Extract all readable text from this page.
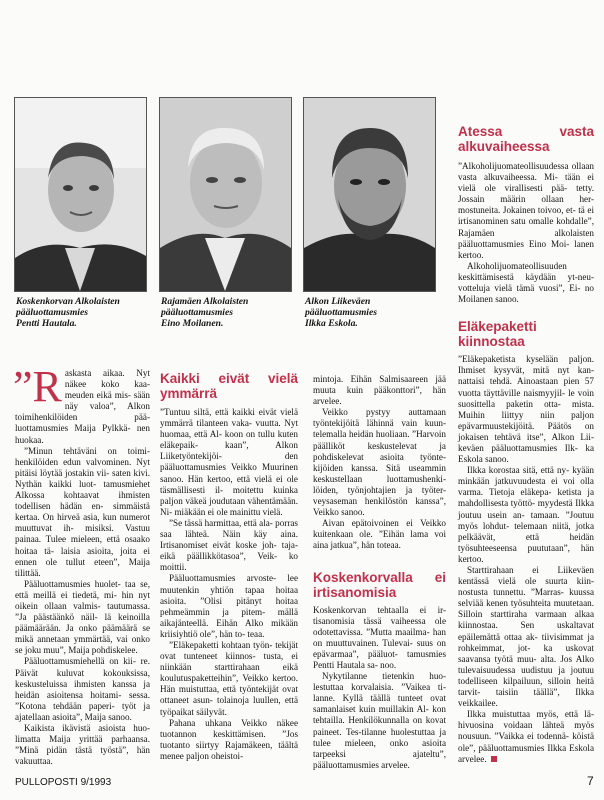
Koskenkorvan Alkolaisten
pääluottamusmies
Pentti Hautala.
Rajamäen Alkolaisten
pääluottamusmies
Eino Moilanen.
Alkon Liikeväen
pääluottamusmies
Ilkka Eskola.

”R askasta aikaa. Nyt näkee koko kaa- meuden eikä mis- sään näy valoa”, Alkon toimihenkilöiden pää- luottamusmies Maija Pylkkä- nen huokaa.

”Minun tehtäväni on toimi- henkilöiden edun valvominen. Nyt pitäisi löytää jostakin vii- saten kivi. Nythän kaikki luot- tamusmiehet Alkossa kohtaavat ihmisten todellisen hädän en- simmäistä kertaa. On hirveä asia, kun numerot muuttuvat ih- misiksi. Vastuu painaa. Tulee mieleen, että osaako hoitaa tä- laisia asioita, joita ei ennen ole tullut eteen”, Maija tilittää.

Pääluottamusmies huolet- taa se, että meillä ei tiedetä, mi- hin nyt oikein ollaan valmis- tautumassa. ”Ja päästäänkö näil- lä keinoilla päämäärään. Ja onko päämäärä se mikä annetaan ymmärtää, vai onko se joku muu”, Maija pohdiskelee.

Pääluottamusmiehellä on kii- re. Päivät kuluvat kokouksissa, keskusteluissa ihmisten kanssa ja heidän asioitensa hoitami- sessa. ”Kotona tehdään paperi- työt ja ajatellaan asioita”, Maija sanoo.

Kaikista ikävistä asioista huo- limatta Maija yrittää parhaansa. ”Minä pidän tästä työstä”, hän vakuuttaa.

Kaikki eivät vielä ymmärrä

”Tuntuu siltä, että kaikki eivät vielä ymmärrä tilanteen vaka- vuutta. Nyt huomaa, että Al- koon on tullu kuten eläkepaik- kaan”, Alkon Liiketyöntekijöi- den pääluottamusmies Veikko Muurinen sanoo. Hän kertoo, että vielä ei ole täsmällisesti il- moitettu kuinka paljon väkeä joudutaan vähentämään. Ni- miäkään ei ole mainittu vielä.

”Se tässä harmittaa, että ala- porras saa lähteä. Näin käy aina. Irtisanomiset eivät koske joh- taja- eikä päällikkötasoa”, Veik- ko moittii.

Pääluottamusmies arvoste- lee muutenkin yhtiön tapaa hoitaa asioita. ”Olisi pitänyt hoitaa pehmeämmin ja pitem- mällä aikajänteellä. Eihän Alko mikään kriisiyhtiö ole”, hän to- teaa.

”Eläkepaketti kohtaan työn- tekijät ovat tunteneet kiinnos- tusta, ei niinkään starttirahaan eikä koulutuspaketteihin”, Veikko kertoo. Hän muistuttaa, että työntekijät ovat ottaneet asun- tolainoja luullen, että työpaikat säilyvät.

Pahana uhkana Veikko näkee tuotannon keskittämisen. ”Jos tuotanto siirtyy Rajamäkeen, täältä menee paljon oheistoi-

mintoja. Eihän Salmisaareen jää muuta kuin pääkonttori”, hän arvelee.

Veikko pystyy auttamaan työntekijöitä lähinnä vain kuun- telemalla heidän huoliaan. ”Harvoin päälliköt keskustelevat ja pohdiskelevat asioita työnte- kijöiden kanssa. Sitä useammin keskustellaan luottamushenki- löiden, työnjohtajien ja työter- veysaseman henkilöstön kanssa”, Veikko sanoo.

Aivan epätoivoinen ei Veikko kuitenkaan ole. ”Eihän lama voi aina jatkua”, hän toteaa.

Koskenkorvalla ei irtisanomisia

Koskenkorvan tehtaalla ei ir- tisanomisia tässä vaiheessa ole odotettavissa. ”Mutta maailma- han on muuttuvainen. Tulevai- suus on epävarmaa”, pääluot- tamusmies Pentti Hautala sa- noo.

Nykytilanne tietenkin huo- lestuttaa korvalaisia. ”Vaikea ti- lanne. Kyllä täällä tunteet ovat samanlaiset kuin muillakin Al- kon tehtailla. Henkilökunnalla on kovat paineet. Tes-tilanne huolestuttaa ja tulee mieleen, onko asioita tarpeeksi ajateltu”, pääluottamusmies arvelee.

Atessa vasta alkuvaiheessa

”Alkoholijuomateollisuudessa ollaan vasta alkuvaiheessa. Mi- tään ei vielä ole virallisesti pää- tetty. Jossain määrin ollaan her- mostuneita. Jokainen toivoo, et- tä ei irtisanominen satu omalle kohdalle”, Rajamäen alkolaisten pääluottamusmies Eino Moi- lanen kertoo.

Alkoholijuomateollisuuden keskittämisestä käydään yt-neu- votteluja vielä tämä vuosi”, Ei- no Moilanen sanoo.

Eläkepaketti kiinnostaa

”Eläkepaketista kyselään paljon. Ihmiset kysyvät, mitä nyt kan- nattaisi tehdä. Ainoastaan pien 57 vuotta täyttäville naismyyjil- le voin suosittella paketin otta- mista. Muihin liittyy niin paljon epävarmuustekijöitä. Päätös on jokaisen tehtävä itse”, Alkon Lii- keväen pääluottamusmies Ilk- ka Eskola sanoo.

Ilkka korostaa sitä, että ny- kyään minkään jatkuvuudesta ei voi olla varma. Tietoja eläkepa- ketista ja mahdollisesta työttö- myydestä Ilkka joutuu usein an- tamaan. ”Joutuu myös lohdut- telemaan niitä, jotka pelkäävät, että heidän työsuhteeseensa puututaan”, hän kertoo.

Starttirahaan ei Liikeväen kentässä vielä ole suurta kiin- nostusta tunnettu. ”Marras- kuussa selviää kenen työsuhteita muutetaan. Silloin starttiraha varmaan alkaa kiinnostaa. Sen uskaltavat epäilemättä ottaa ak- tiivisimmat ja rohkeimmat, jot- ka uskovat saavansa työtä muu- alta. Jos Alko tulevaisuudessa uudistuu ja joutuu todelliseen kilpailuun, silloin heitä tarvit- taisiin täällä”, Ilkka veikkailee.

Ilkka muistuttaa myös, että lä- hivuosina voidaan lähteä myös nousuun. ”Vaikka ei todennä- köistä ole”, pääluottamusmies Ilkka Eskola arvelee.

PULLOPOSTI 9/1993	7
